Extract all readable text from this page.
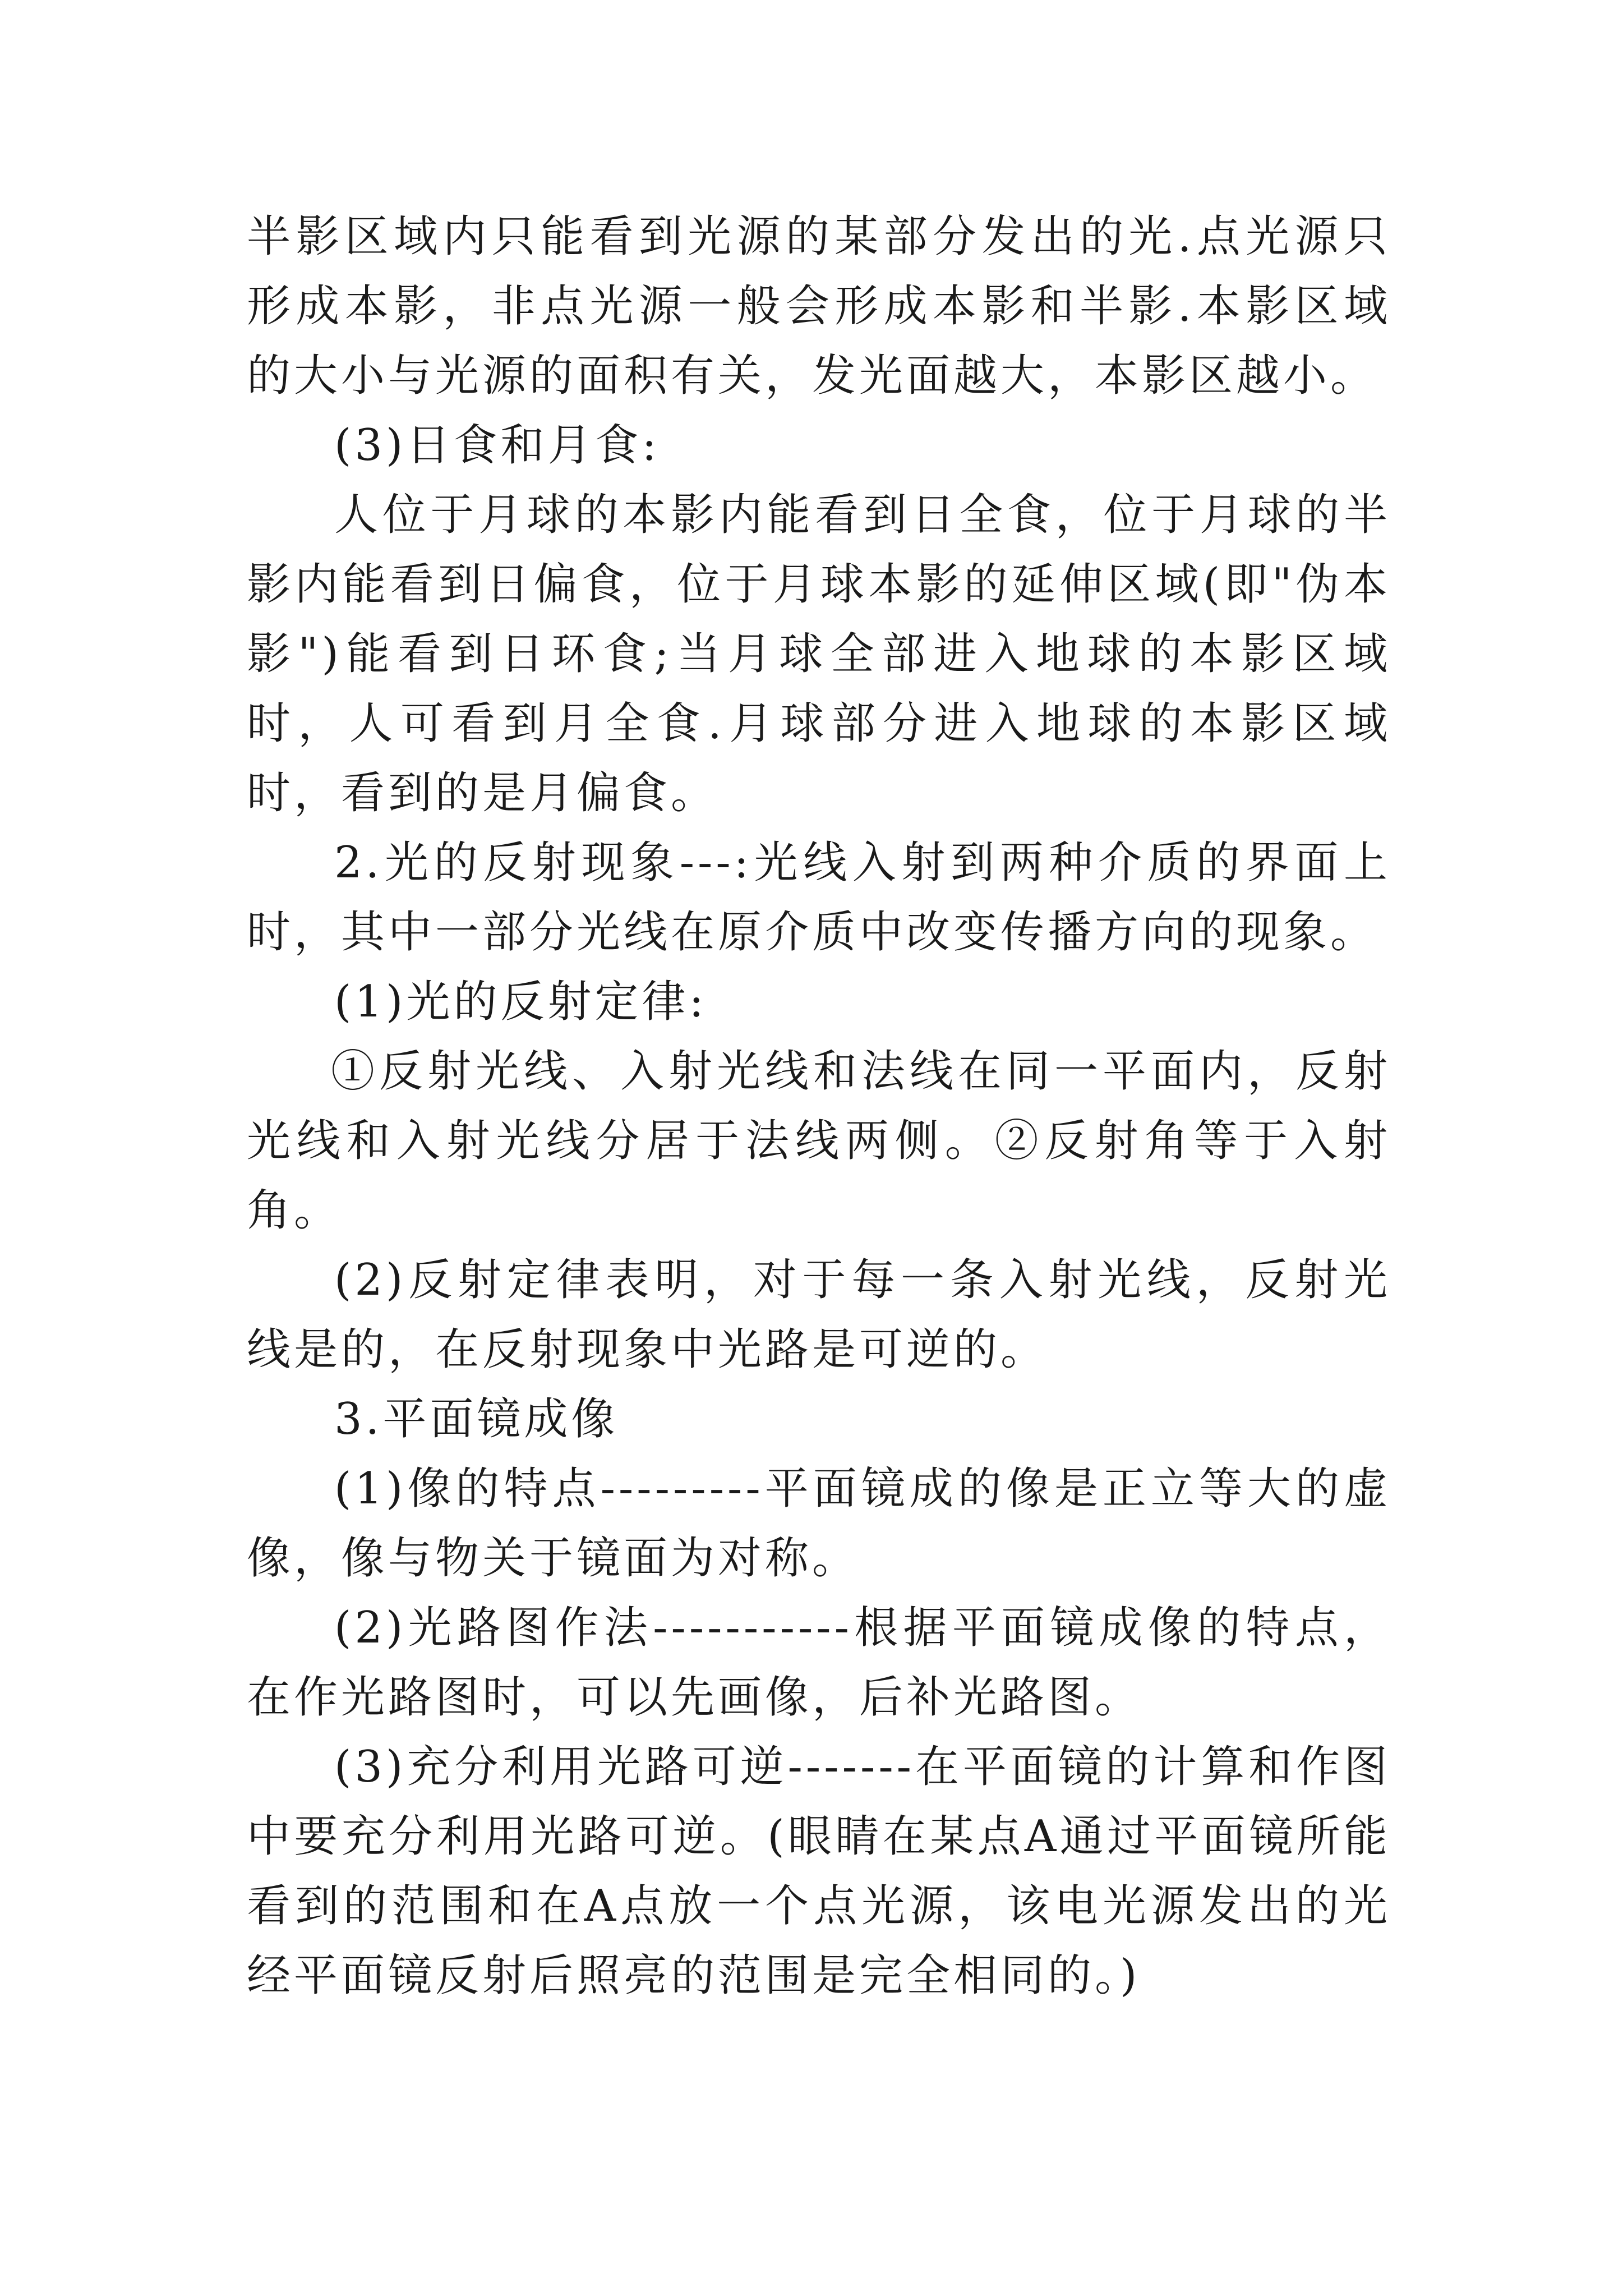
半影区域内只能看到光源的某部分发出的光.点光源只形成本影，非点光源一般会形成本影和半影.本影区域的大小与光源的面积有关，发光面越大，本影区越小。

(3)日食和月食:

人位于月球的本影内能看到日全食，位于月球的半影内能看到日偏食，位于月球本影的延伸区域(即"伪本影")能看到日环食;当月球全部进入地球的本影区域时，人可看到月全食.月球部分进入地球的本影区域时，看到的是月偏食。

2.光的反射现象---:光线入射到两种介质的界面上时，其中一部分光线在原介质中改变传播方向的现象。

(1)光的反射定律:

①反射光线、入射光线和法线在同一平面内，反射光线和入射光线分居于法线两侧。②反射角等于入射角。

(2)反射定律表明，对于每一条入射光线，反射光线是的，在反射现象中光路是可逆的。

3.平面镜成像

(1)像的特点---------平面镜成的像是正立等大的虚像，像与物关于镜面为对称。

(2)光路图作法-----------根据平面镜成像的特点，在作光路图时，可以先画像，后补光路图。

(3)充分利用光路可逆-------在平面镜的计算和作图中要充分利用光路可逆。(眼睛在某点A通过平面镜所能看到的范围和在A点放一个点光源，该电光源发出的光经平面镜反射后照亮的范围是完全相同的。)
